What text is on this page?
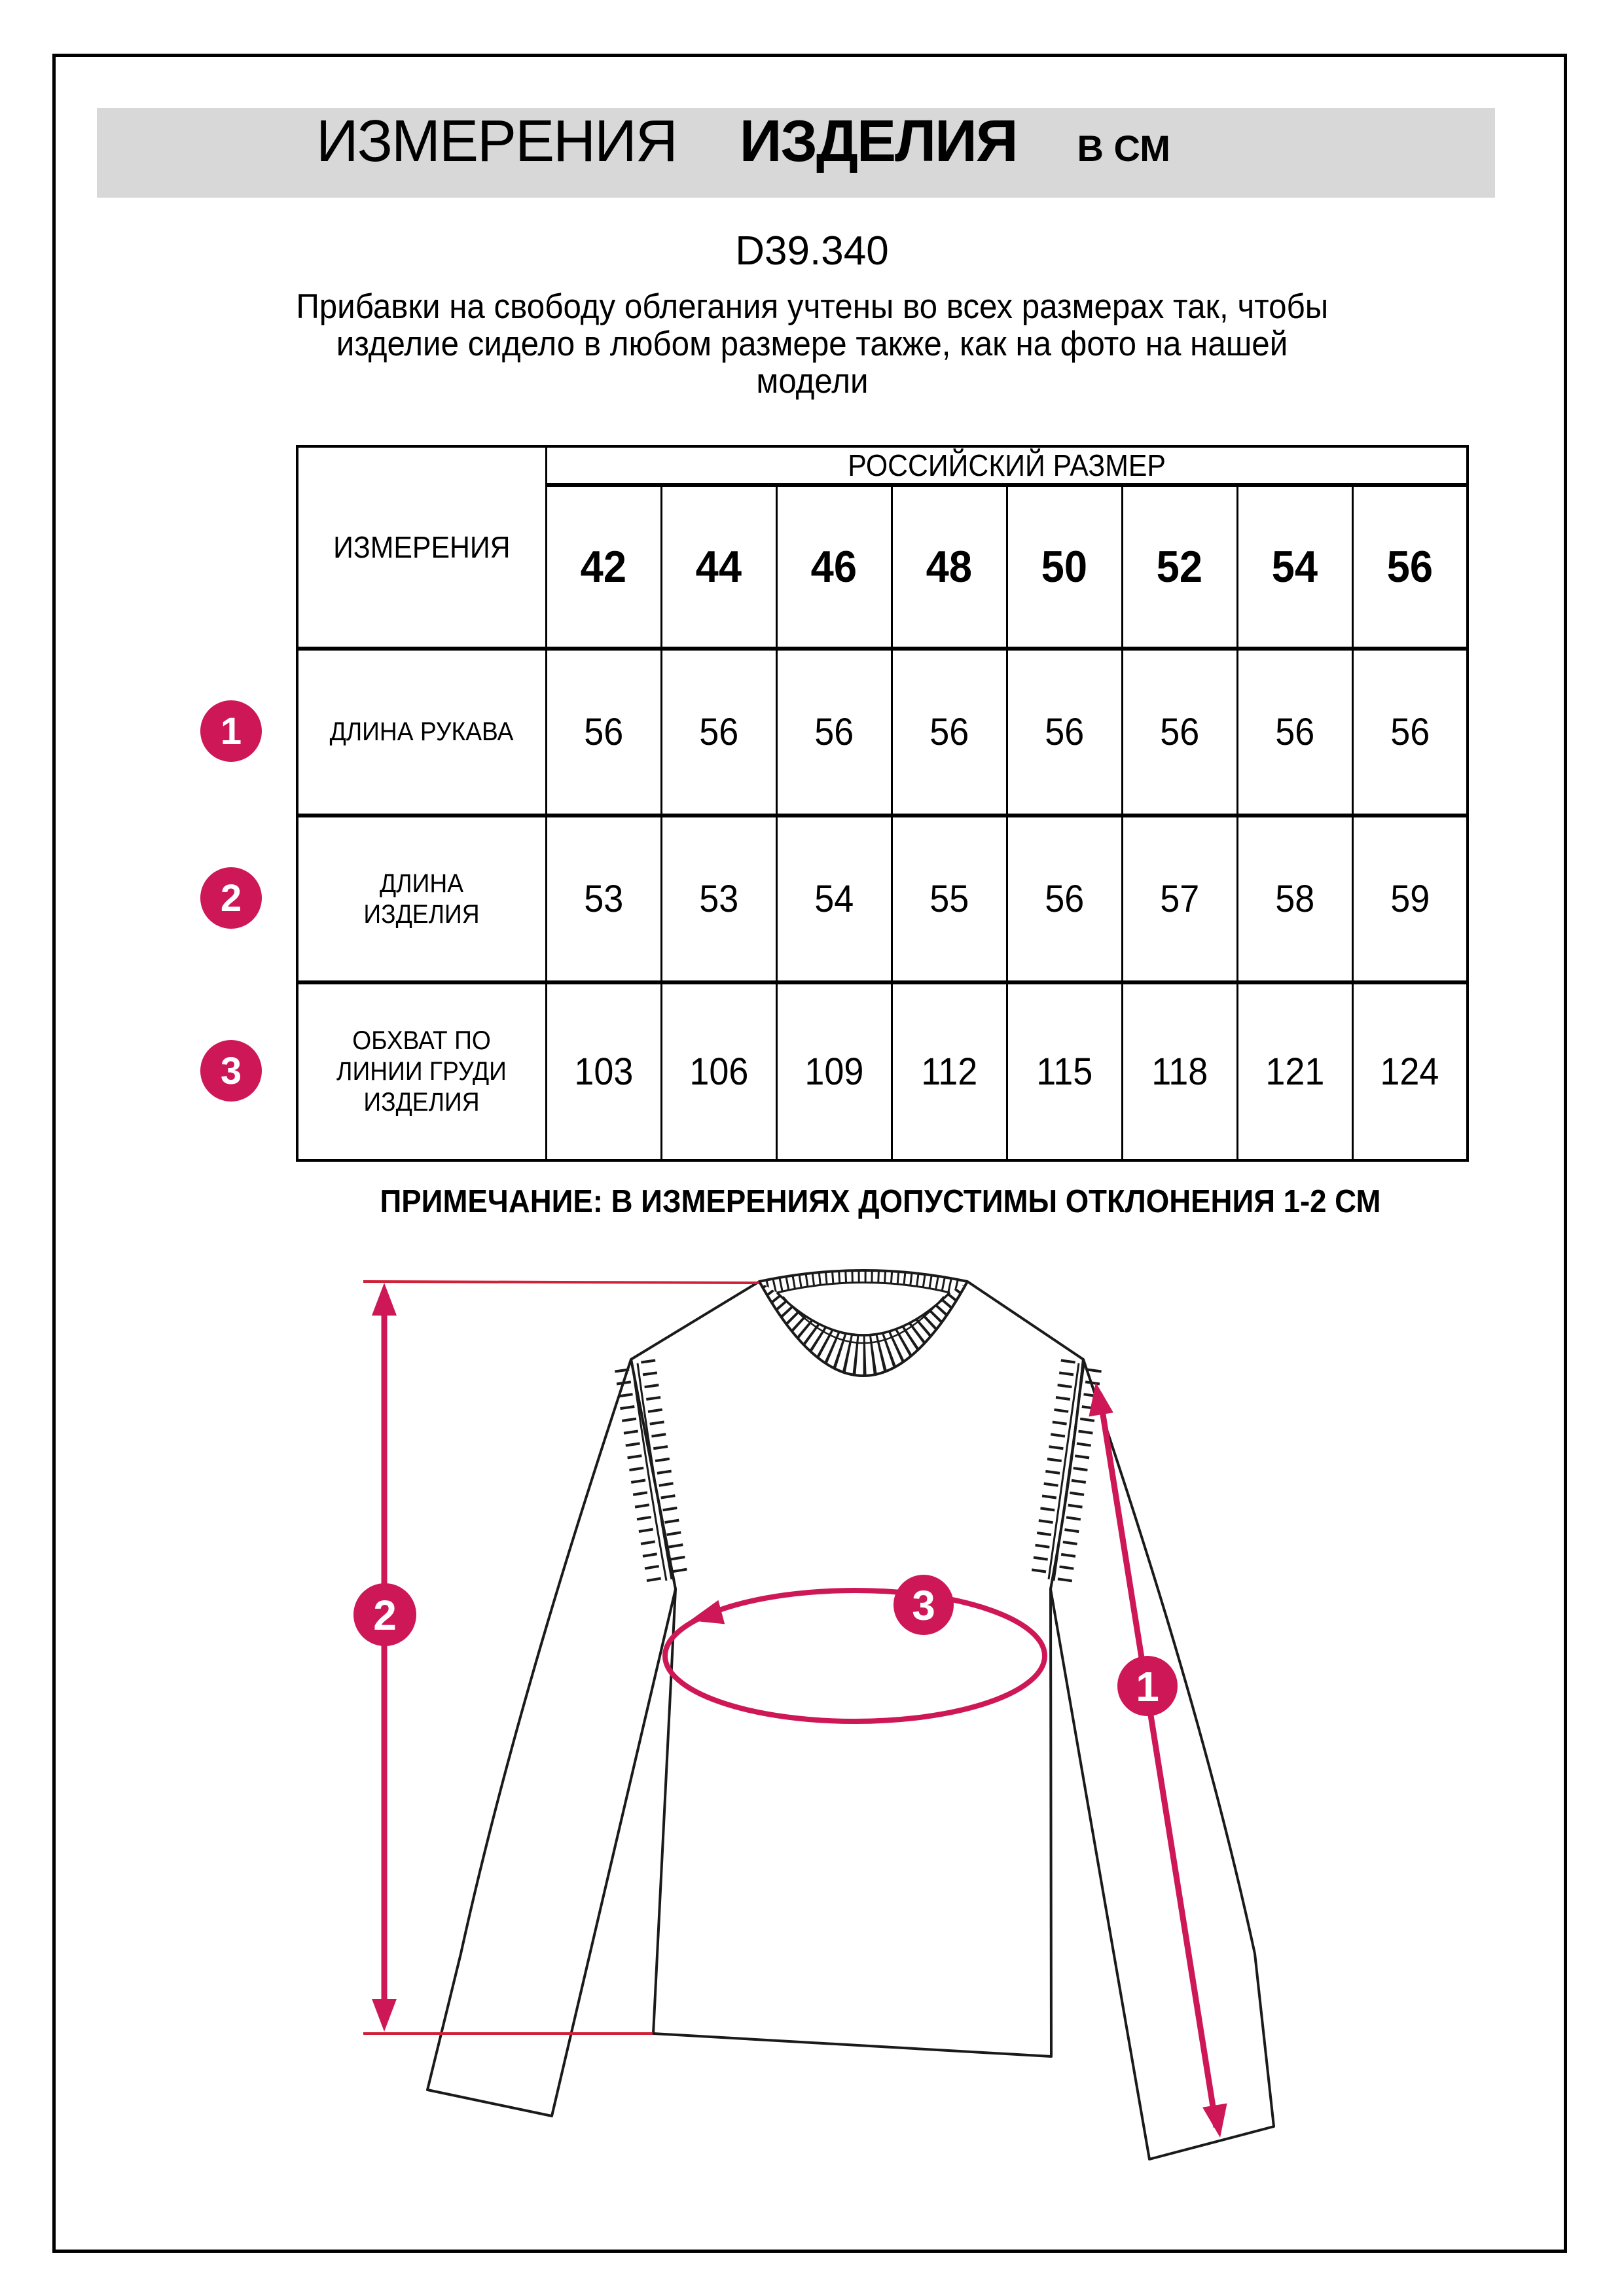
ИЗМЕРЕНИЯ ИЗДЕЛИЯ В СМ
D39.340
Прибавки на свободу облегания учтены во всех размерах так, чтобы
изделие сидело в любом размере также, как на фото на нашей
модели
ИЗМЕРЕНИЯ	РОССИЙСКИЙ РАЗМЕР							
	42	44	46	48	50	52	54	56
ДЛИНА РУКАВА	56	56	56	56	56	56	56	56
ДЛИНА ИЗДЕЛИЯ	53	53	54	55	56	57	58	59
ОБХВАТ ПО ЛИНИИ ГРУДИ ИЗДЕЛИЯ	103	106	109	112	115	118	121	124
1
2
3
ПРИМЕЧАНИЕ: В ИЗМЕРЕНИЯХ ДОПУСТИМЫ ОТКЛОНЕНИЯ 1-2 СМ
2	3
1
